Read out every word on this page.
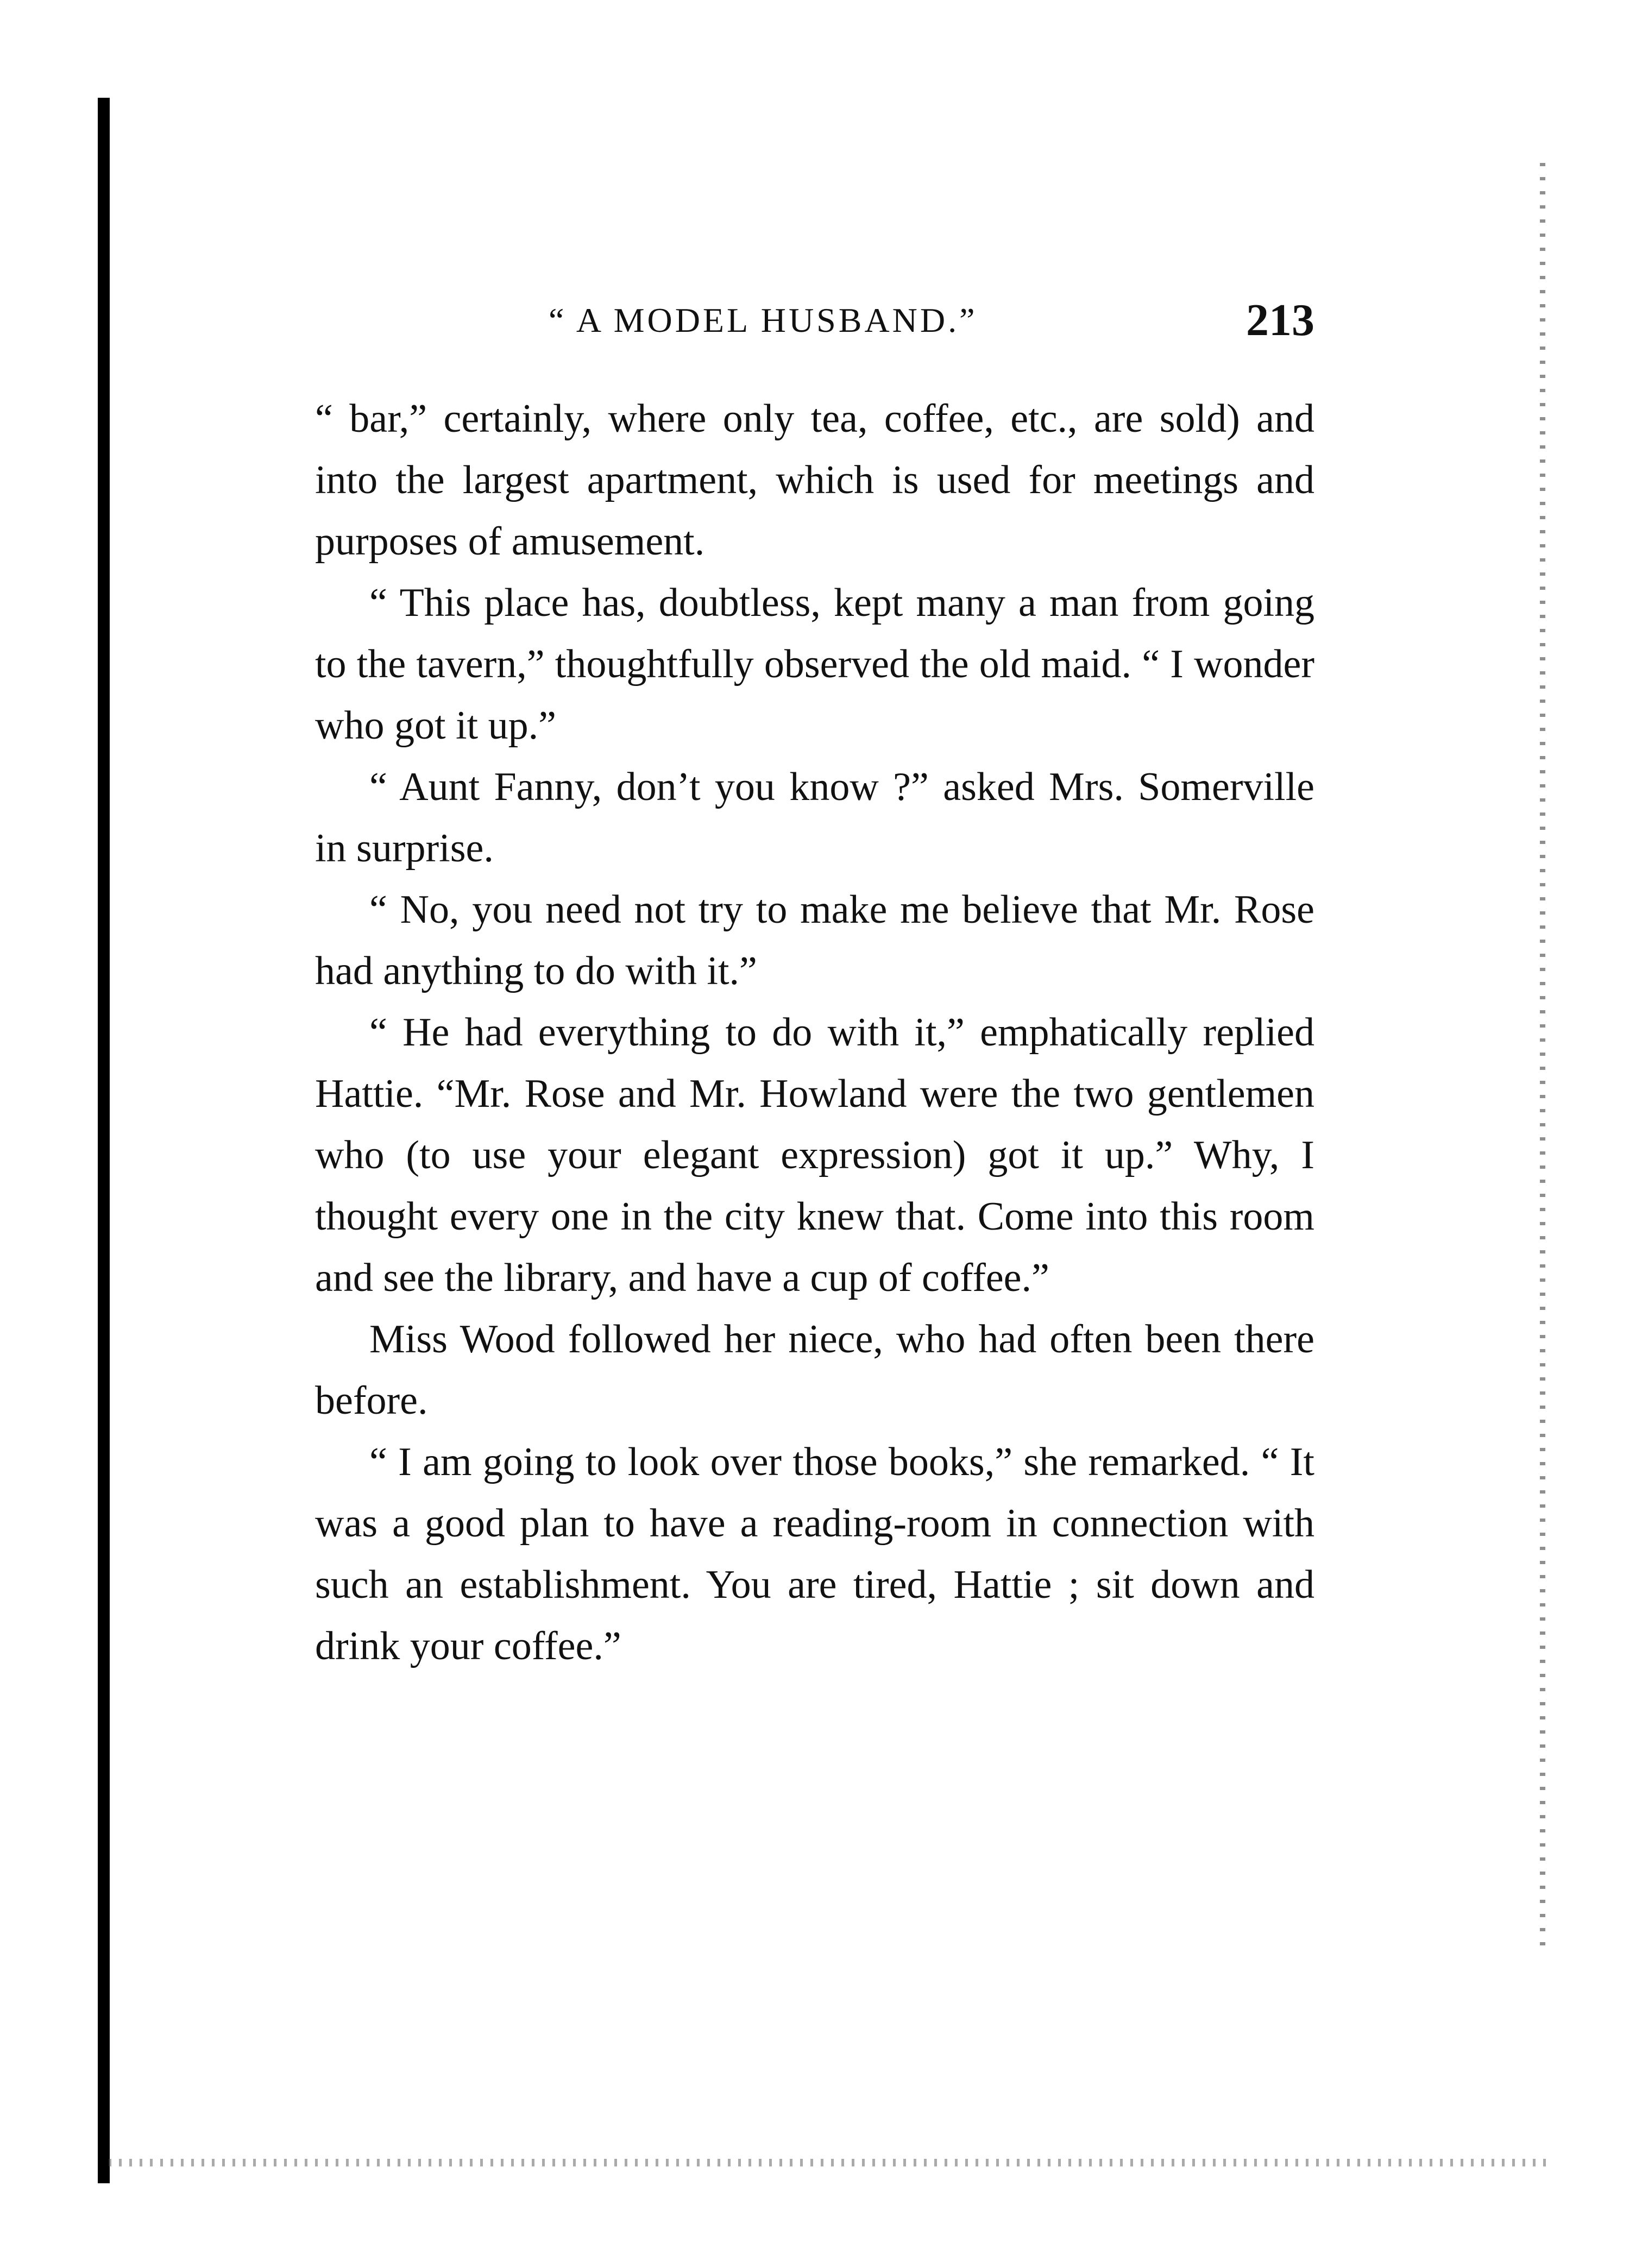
“ A MODEL HUSBAND.”	213

“ bar,” certainly, where only tea, coffee, etc., are sold) and into the largest apartment, which is used for meetings and purposes of amusement.

“ This place has, doubtless, kept many a man from going to the tavern,” thoughtfully observed the old maid. “ I wonder who got it up.”

“ Aunt Fanny, don’t you know ?” asked Mrs. Somerville in surprise.

“ No, you need not try to make me believe that Mr. Rose had anything to do with it.”

“ He had everything to do with it,” emphatically replied Hattie. “Mr. Rose and Mr. Howland were the two gentlemen who (to use your elegant expression) got it up.” Why, I thought every one in the city knew that. Come into this room and see the library, and have a cup of coffee.”

Miss Wood followed her niece, who had often been there before.

“ I am going to look over those books,” she remarked. “ It was a good plan to have a reading-room in connection with such an establishment. You are tired, Hattie ; sit down and drink your coffee.”
